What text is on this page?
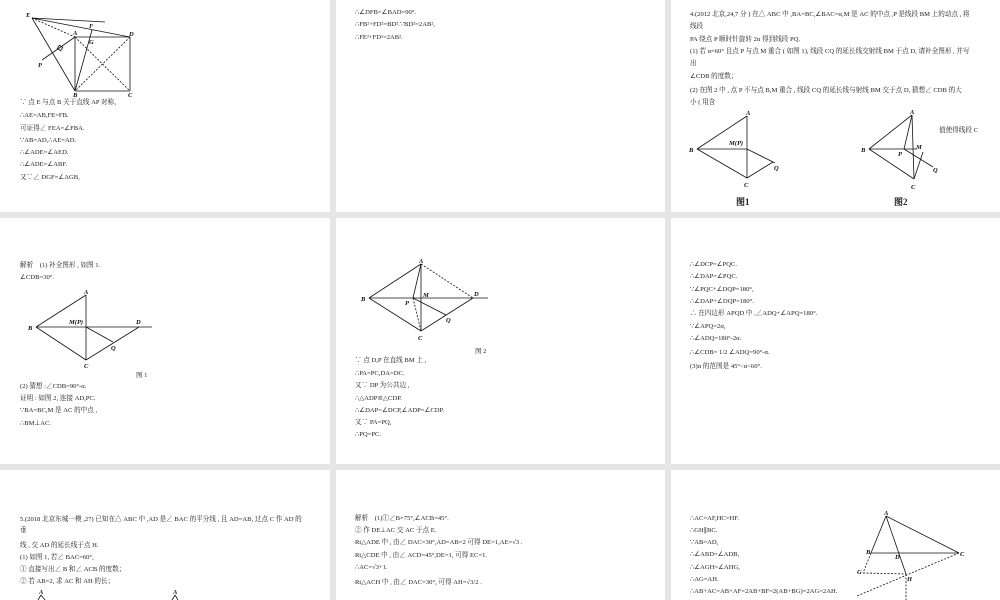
E
F
A
G
D
P
B	C
∵ 点 E 与点 B 关于直线 AP 对称，
∴AE=AB,FE=FB.
可证得∠ FEA=∠FBA.
∵AB=AD,∴AE=AD.
∴∠ADE=∠AED.
∴∠ADE=∠ABF.
又∵∠ DGF=∠AGB,
∴∠DFB=∠BAD=90°.
∴FB²+FD²=BD².∵BD²=2AB²,
∴FE²+FD²=2AB².
4.(2012 北京,24,7 分 ) 在△ ABC 中 ,BA=BC,∠BAC=α,M 是 AC 的中点 ,P 是线段 BM 上的动点 , 将
线段
PA 绕点 P 顺时针旋转 2α 得到线段 PQ.
(1) 若 α=60° 且点 P 与点 M 重合 ( 如图 1), 线段 CQ 的延长线交射线 BM 于点 D, 请补全图形 , 并写
出
∠CDB 的度数；
(2) 在图 2 中 , 点 P 不与点 B,M 重合 , 线段 CQ 的延长线与射线 BM 交于点 D, 猜想∠ CDB 的大
小 ( 用含
值使得线段 C
A
B
M(P)
Q
C
图1
A
B
P
M
Q
C
图2
解析　(1) 补全图形 , 如图 1.
∠CDB=30°.
A
B
M(P)	D
Q
C
图 1
(2) 猜想 :∠CDB=90°-α.
证明 : 如图 2, 连接 AD,PC.
∵BA=BC,M 是 AC 的中点 ,
∴BM⊥AC.
A
B
P
M	D
Q
C
图 2
∵ 点 D,P 在直线 BM 上 ,
∴PA=PC,DA=DC.
又∵ DP 为公共边 ,
∴△ADP≌△CDP.
∴∠DAP=∠DCP,∠ADP=∠CDP.
又∵ PA=PQ,
∴PQ=PC.
∴∠DCP=∠PQC.
∴∠DAP=∠PQC.
∵∠PQC+∠DQP=180°,
∴∠DAP+∠DQP=180°.
∴ 在四边形 APQD 中 ,∠ADQ+∠APQ=180°.
∵∠APQ=2α,
∴∠ADQ=180°-2α.
∴∠CDB= 1/2 ∠ADQ=90°-α.
(3)α 的范围是 45°<α<60°.
5.(2018 北京东城一模 ,27) 已知在△ ABC 中 ,AD 是∠ BAC 的平分线 , 且 AD=AB, 过点 C 作 AD 的
垂
线 , 交 AD 的延长线于点 H.
(1) 如图 1, 若∠ BAC=60°,
① 直接写出∠ B 和∠ ACB 的度数；
② 若 AB=2, 求 AC 和 AH 的长；
A	A
解析　(1)①∠B=75°,∠ACB=45°.
② 作 DE⊥AC 交 AC 于点 E.
Rt△ADE 中 , 由∠ DAC=30°,AD=AB=2 可得 DE=1,AE=√3 .
Rt△CDE 中 , 由∠ ACD=45°,DE=1, 可得 EC=1.
∴AC=√3+1.
Rt△ACH 中 , 由∠ DAC=30°, 可得 AH=√3/2 .
∴AC=AF,HC=HF.
∴GH∥BC.
∵AB=AD,
∴∠ABD=∠ADB,
∴∠AGH=∠AHG,
∴AG=AH.
∴AB+AC=AB+AF=2AB+BF=2(AB+BG)=2AG=2AH.
A
B
D	C
G
H
